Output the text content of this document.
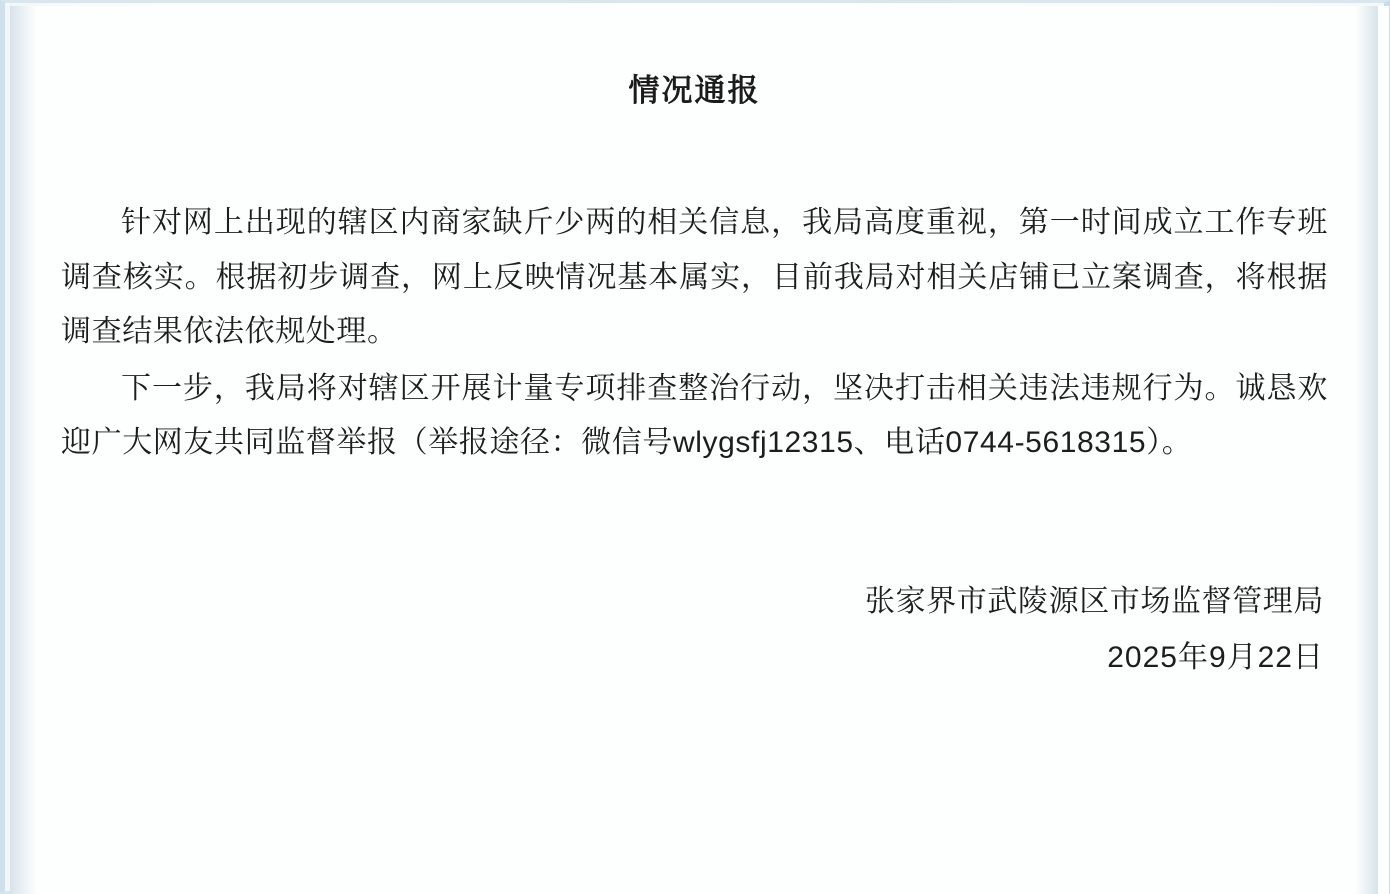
情况通报

针对网上出现的辖区内商家缺斤少两的相关信息，我局高度重视，第一时间成立工作专班调查核实。根据初步调查，网上反映情况基本属实，目前我局对相关店铺已立案调查，将根据调查结果依法依规处理。

下一步，我局将对辖区开展计量专项排查整治行动，坚决打击相关违法违规行为。诚恳欢迎广大网友共同监督举报（举报途径：微信号wlygsfj12315、电话0744-5618315）。

张家界市武陵源区市场监督管理局
2025年9月22日
